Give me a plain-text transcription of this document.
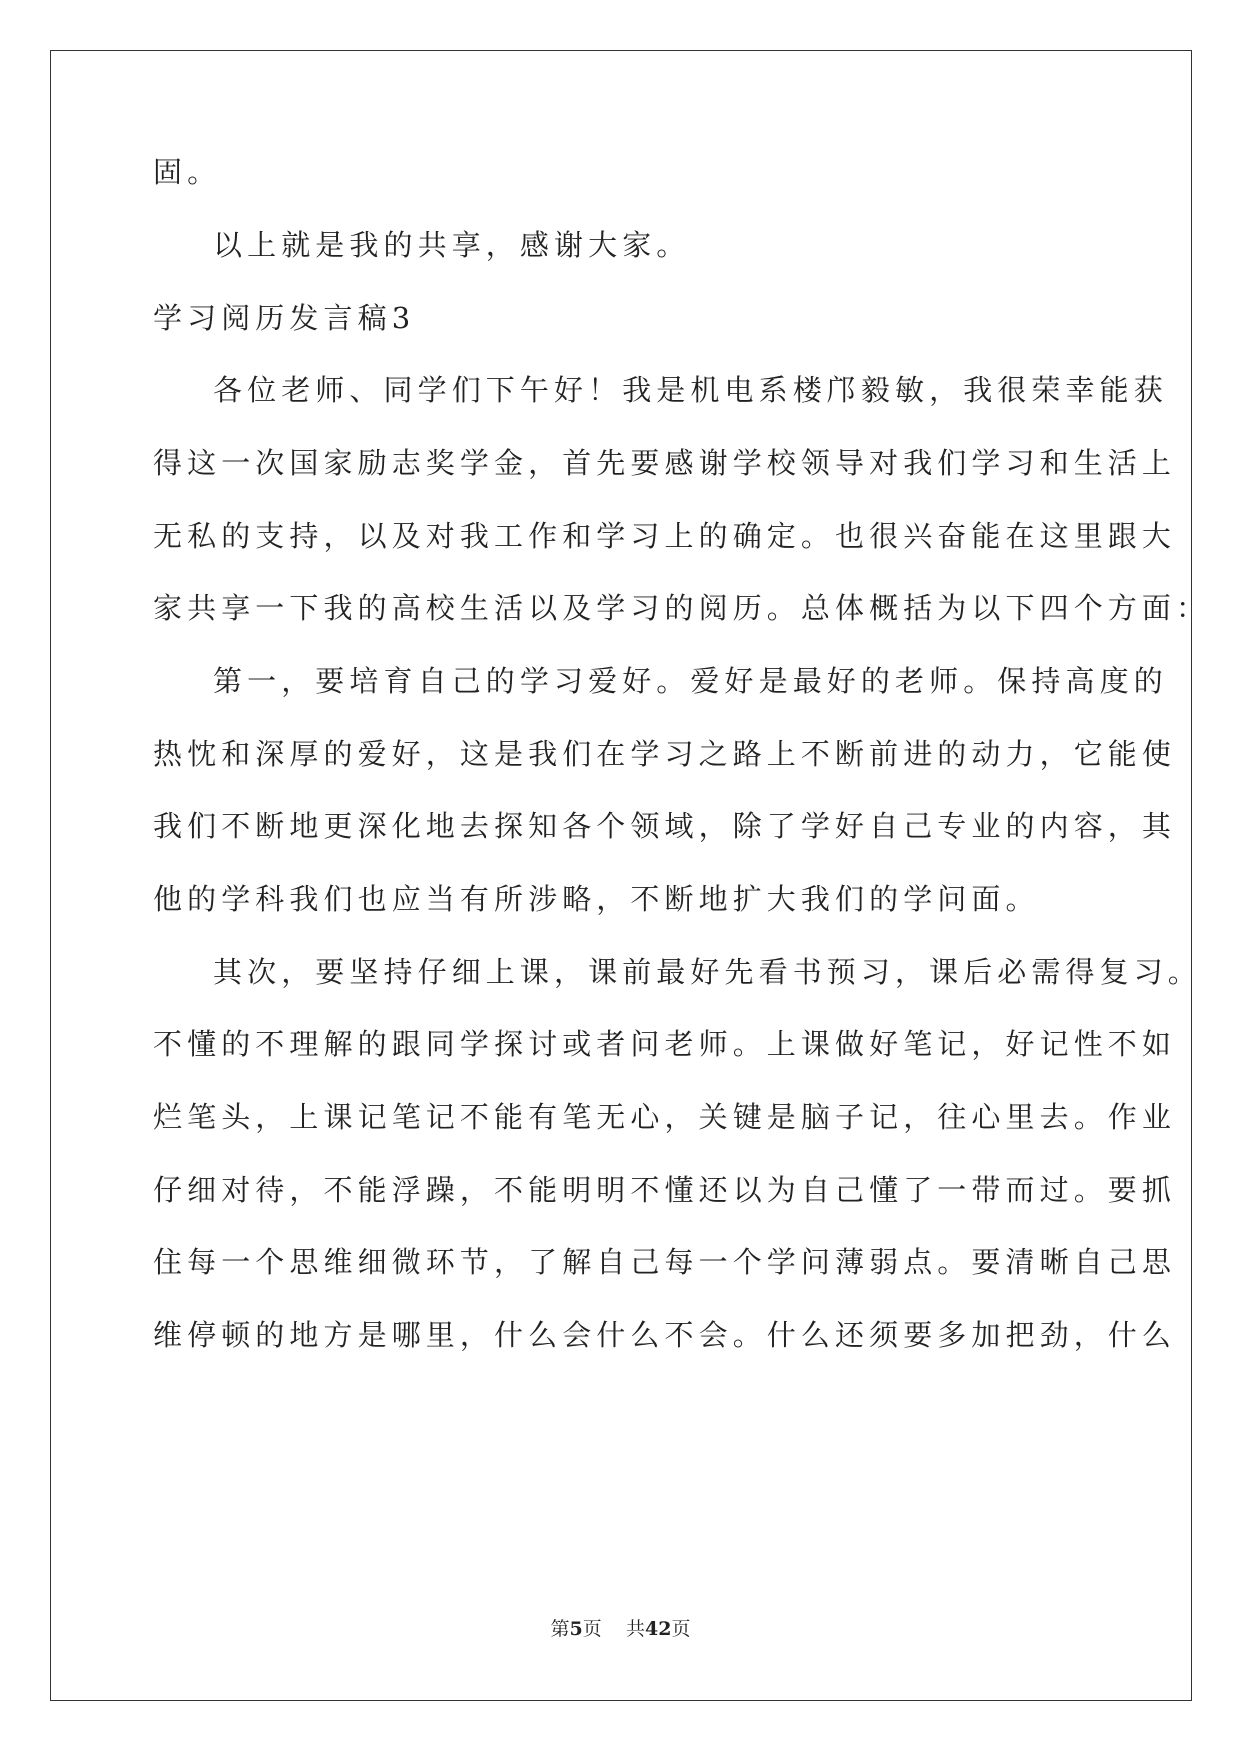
固。
以上就是我的共享，感谢大家。
学习阅历发言稿3
各位老师、同学们下午好！我是机电系楼邝毅敏，我很荣幸能获
得这一次国家励志奖学金，首先要感谢学校领导对我们学习和生活上
无私的支持，以及对我工作和学习上的确定。也很兴奋能在这里跟大
家共享一下我的高校生活以及学习的阅历。总体概括为以下四个方面：
第一，要培育自己的学习爱好。爱好是最好的老师。保持高度的
热忱和深厚的爱好，这是我们在学习之路上不断前进的动力，它能使
我们不断地更深化地去探知各个领域，除了学好自己专业的内容，其
他的学科我们也应当有所涉略，不断地扩大我们的学问面。
其次，要坚持仔细上课，课前最好先看书预习，课后必需得复习。
不懂的不理解的跟同学探讨或者问老师。上课做好笔记，好记性不如
烂笔头，上课记笔记不能有笔无心，关键是脑子记，往心里去。作业
仔细对待，不能浮躁，不能明明不懂还以为自己懂了一带而过。要抓
住每一个思维细微环节，了解自己每一个学问薄弱点。要清晰自己思
维停顿的地方是哪里，什么会什么不会。什么还须要多加把劲，什么
第5页 共42页
